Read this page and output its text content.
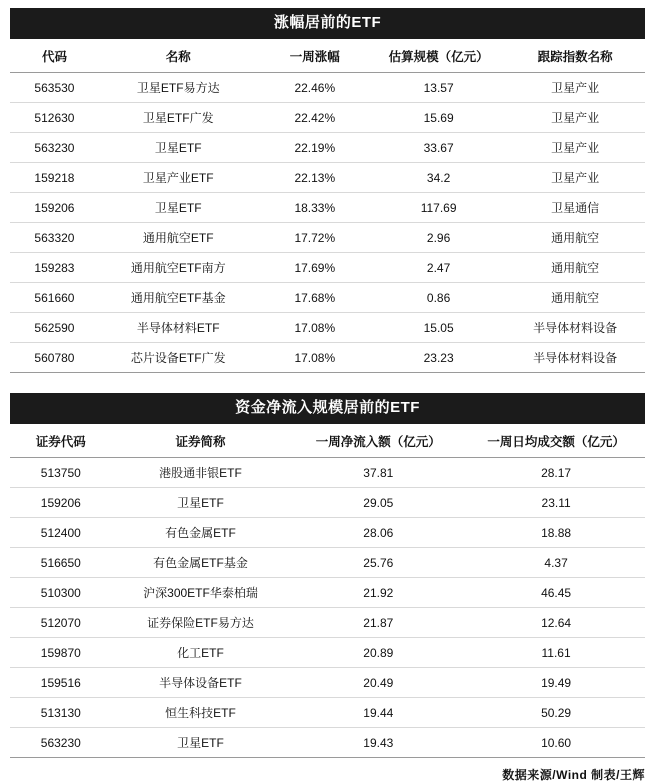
涨幅居前的ETF
代码	名称	一周涨幅	估算规模（亿元）	跟踪指数名称
563530	卫星ETF易方达	22.46%	13.57	卫星产业
512630	卫星ETF广发	22.42%	15.69	卫星产业
563230	卫星ETF	22.19%	33.67	卫星产业
159218	卫星产业ETF	22.13%	34.2	卫星产业
159206	卫星ETF	18.33%	117.69	卫星通信
563320	通用航空ETF	17.72%	2.96	通用航空
159283	通用航空ETF南方	17.69%	2.47	通用航空
561660	通用航空ETF基金	17.68%	0.86	通用航空
562590	半导体材料ETF	17.08%	15.05	半导体材料设备
560780	芯片设备ETF广发	17.08%	23.23	半导体材料设备
资金净流入规模居前的ETF
证券代码	证券简称	一周净流入额（亿元）	一周日均成交额（亿元）
513750	港股通非银ETF	37.81	28.17
159206	卫星ETF	29.05	23.11
512400	有色金属ETF	28.06	18.88
516650	有色金属ETF基金	25.76	4.37
510300	沪深300ETF华泰柏瑞	21.92	46.45
512070	证券保险ETF易方达	21.87	12.64
159870	化工ETF	20.89	11.61
159516	半导体设备ETF	20.49	19.49
513130	恒生科技ETF	19.44	50.29
563230	卫星ETF	19.43	10.60
数据来源/Wind 制表/王辉
